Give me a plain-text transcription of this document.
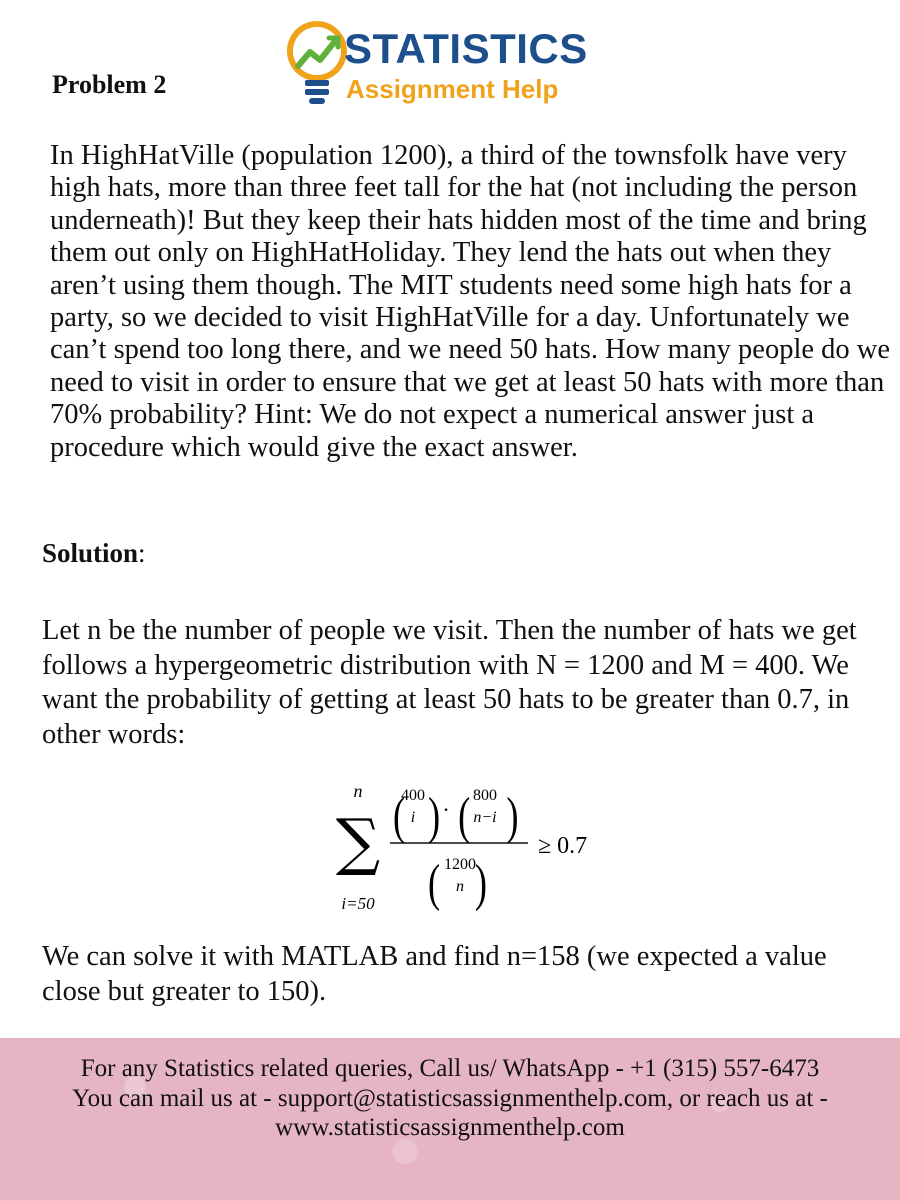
STATISTICS
Assignment Help
Problem 2

In HighHatVille (population 1200), a third of the townsfolk have very high hats, more than three feet tall for the hat (not including the person underneath)! But they keep their hats hidden most of the time and bring them out only on HighHatHoliday. They lend the hats out when they aren’t using them though. The MIT students need some high hats for a party, so we decided to visit HighHatVille for a day. Unfortunately we can’t spend too long there, and we need 50 hats. How many people do we need to visit in order to ensure that we get at least 50 hats with more than 70% probability? Hint: We do not expect a numerical answer just a procedure which would give the exact answer.

Solution:

Let n be the number of people we visit. Then the number of hats we get follows a hypergeometric distribution with N = 1200 and M = 400. We want the probability of getting at least 50 hats to be greater than 0.7, in other words:

n
∑
i=50
(
400
i ) · ( 800
n−i )
( 1200
n )
≥ 0.7

We can solve it with MATLAB and find n=158 (we expected a value close but greater to 150).

For any Statistics related queries, Call us/ WhatsApp - +1 (315) 557-6473

You can mail us at - support@statisticsassignmenthelp.com, or reach us at - www.statisticsassignmenthelp.com
